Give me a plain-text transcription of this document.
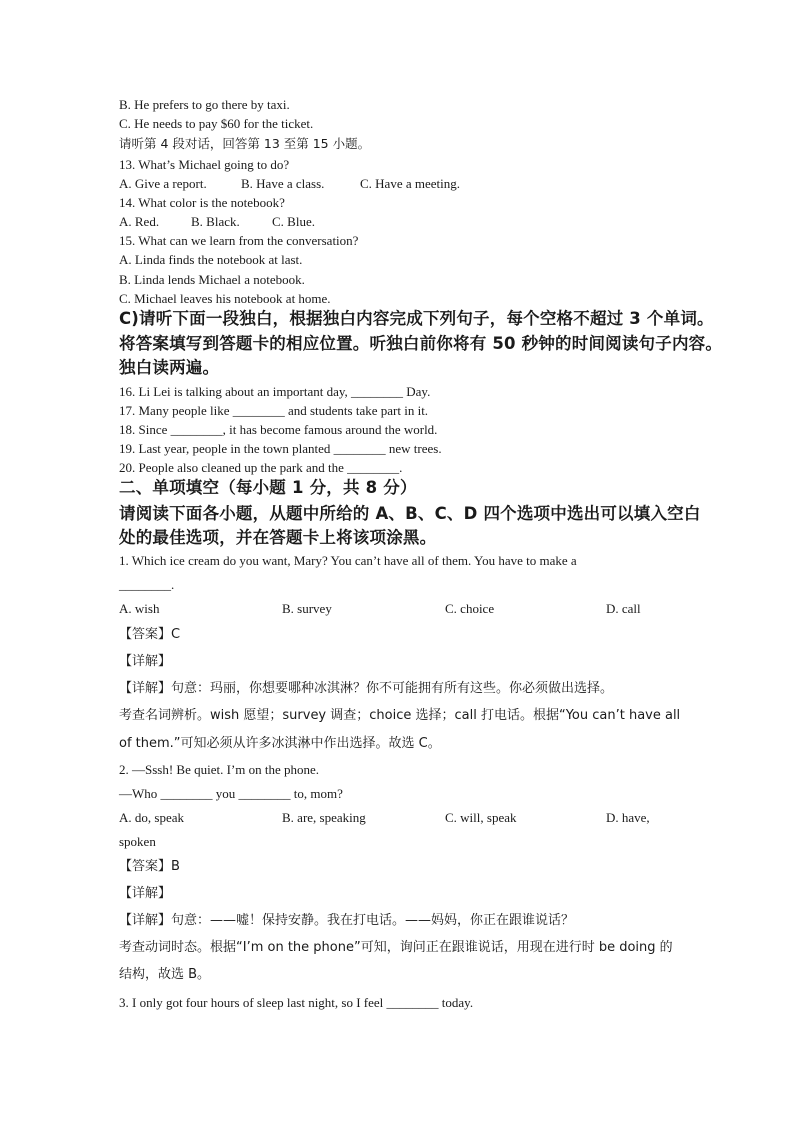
B. He prefers to go there by taxi.
C. He needs to pay $60 for the ticket.
请听第 4 段对话，回答第 13 至第 15 小题。
13. What’s Michael going to do?
A. Give a report.	B. Have a class.	C. Have a meeting.
14. What color is the notebook?
A. Red. B. Black. C. Blue.
15. What can we learn from the conversation?
A. Linda finds the notebook at last.
B. Linda lends Michael a notebook.
C. Michael leaves his notebook at home.
C)请听下面一段独白，根据独白内容完成下列句子，每个空格不超过 3 个单词。
将答案填写到答题卡的相应位置。听独白前你将有 50 秒钟的时间阅读句子内容。
独白读两遍。
16. Li Lei is talking about an important day, ________ Day.
17. Many people like ________ and students take part in it.
18. Since ________, it has become famous around the world.
19. Last year, people in the town planted ________ new trees.
20. People also cleaned up the park and the ________.
二、单项填空（每小题 1 分，共 8 分）
请阅读下面各小题，从题中所给的 A、B、C、D 四个选项中选出可以填入空白
处的最佳选项，并在答题卡上将该项涂黑。
1. Which ice cream do you want, Mary? You can’t have all of them. You have to make a
________.
A. wish	B. survey	C. choice	D. call
【答案】C
【详解】
【详解】句意：玛丽，你想要哪种冰淇淋？你不可能拥有所有这些。你必须做出选择。
考查名词辨析。wish 愿望；survey 调查；choice 选择；call 打电话。根据“You can’t have all
of them.”可知必须从许多冰淇淋中作出选择。故选 C。
2. —Sssh! Be quiet. I’m on the phone.
—Who ________ you ________ to, mom?
A. do, speak	B. are, speaking	C. will, speak	D. have,
spoken
【答案】B
【详解】
【详解】句意：——嘘！保持安静。我在打电话。——妈妈，你正在跟谁说话？
考查动词时态。根据“I’m on the phone”可知，询问正在跟谁说话，用现在进行时 be doing 的
结构，故选 B。
3. I only got four hours of sleep last night, so I feel ________ today.
